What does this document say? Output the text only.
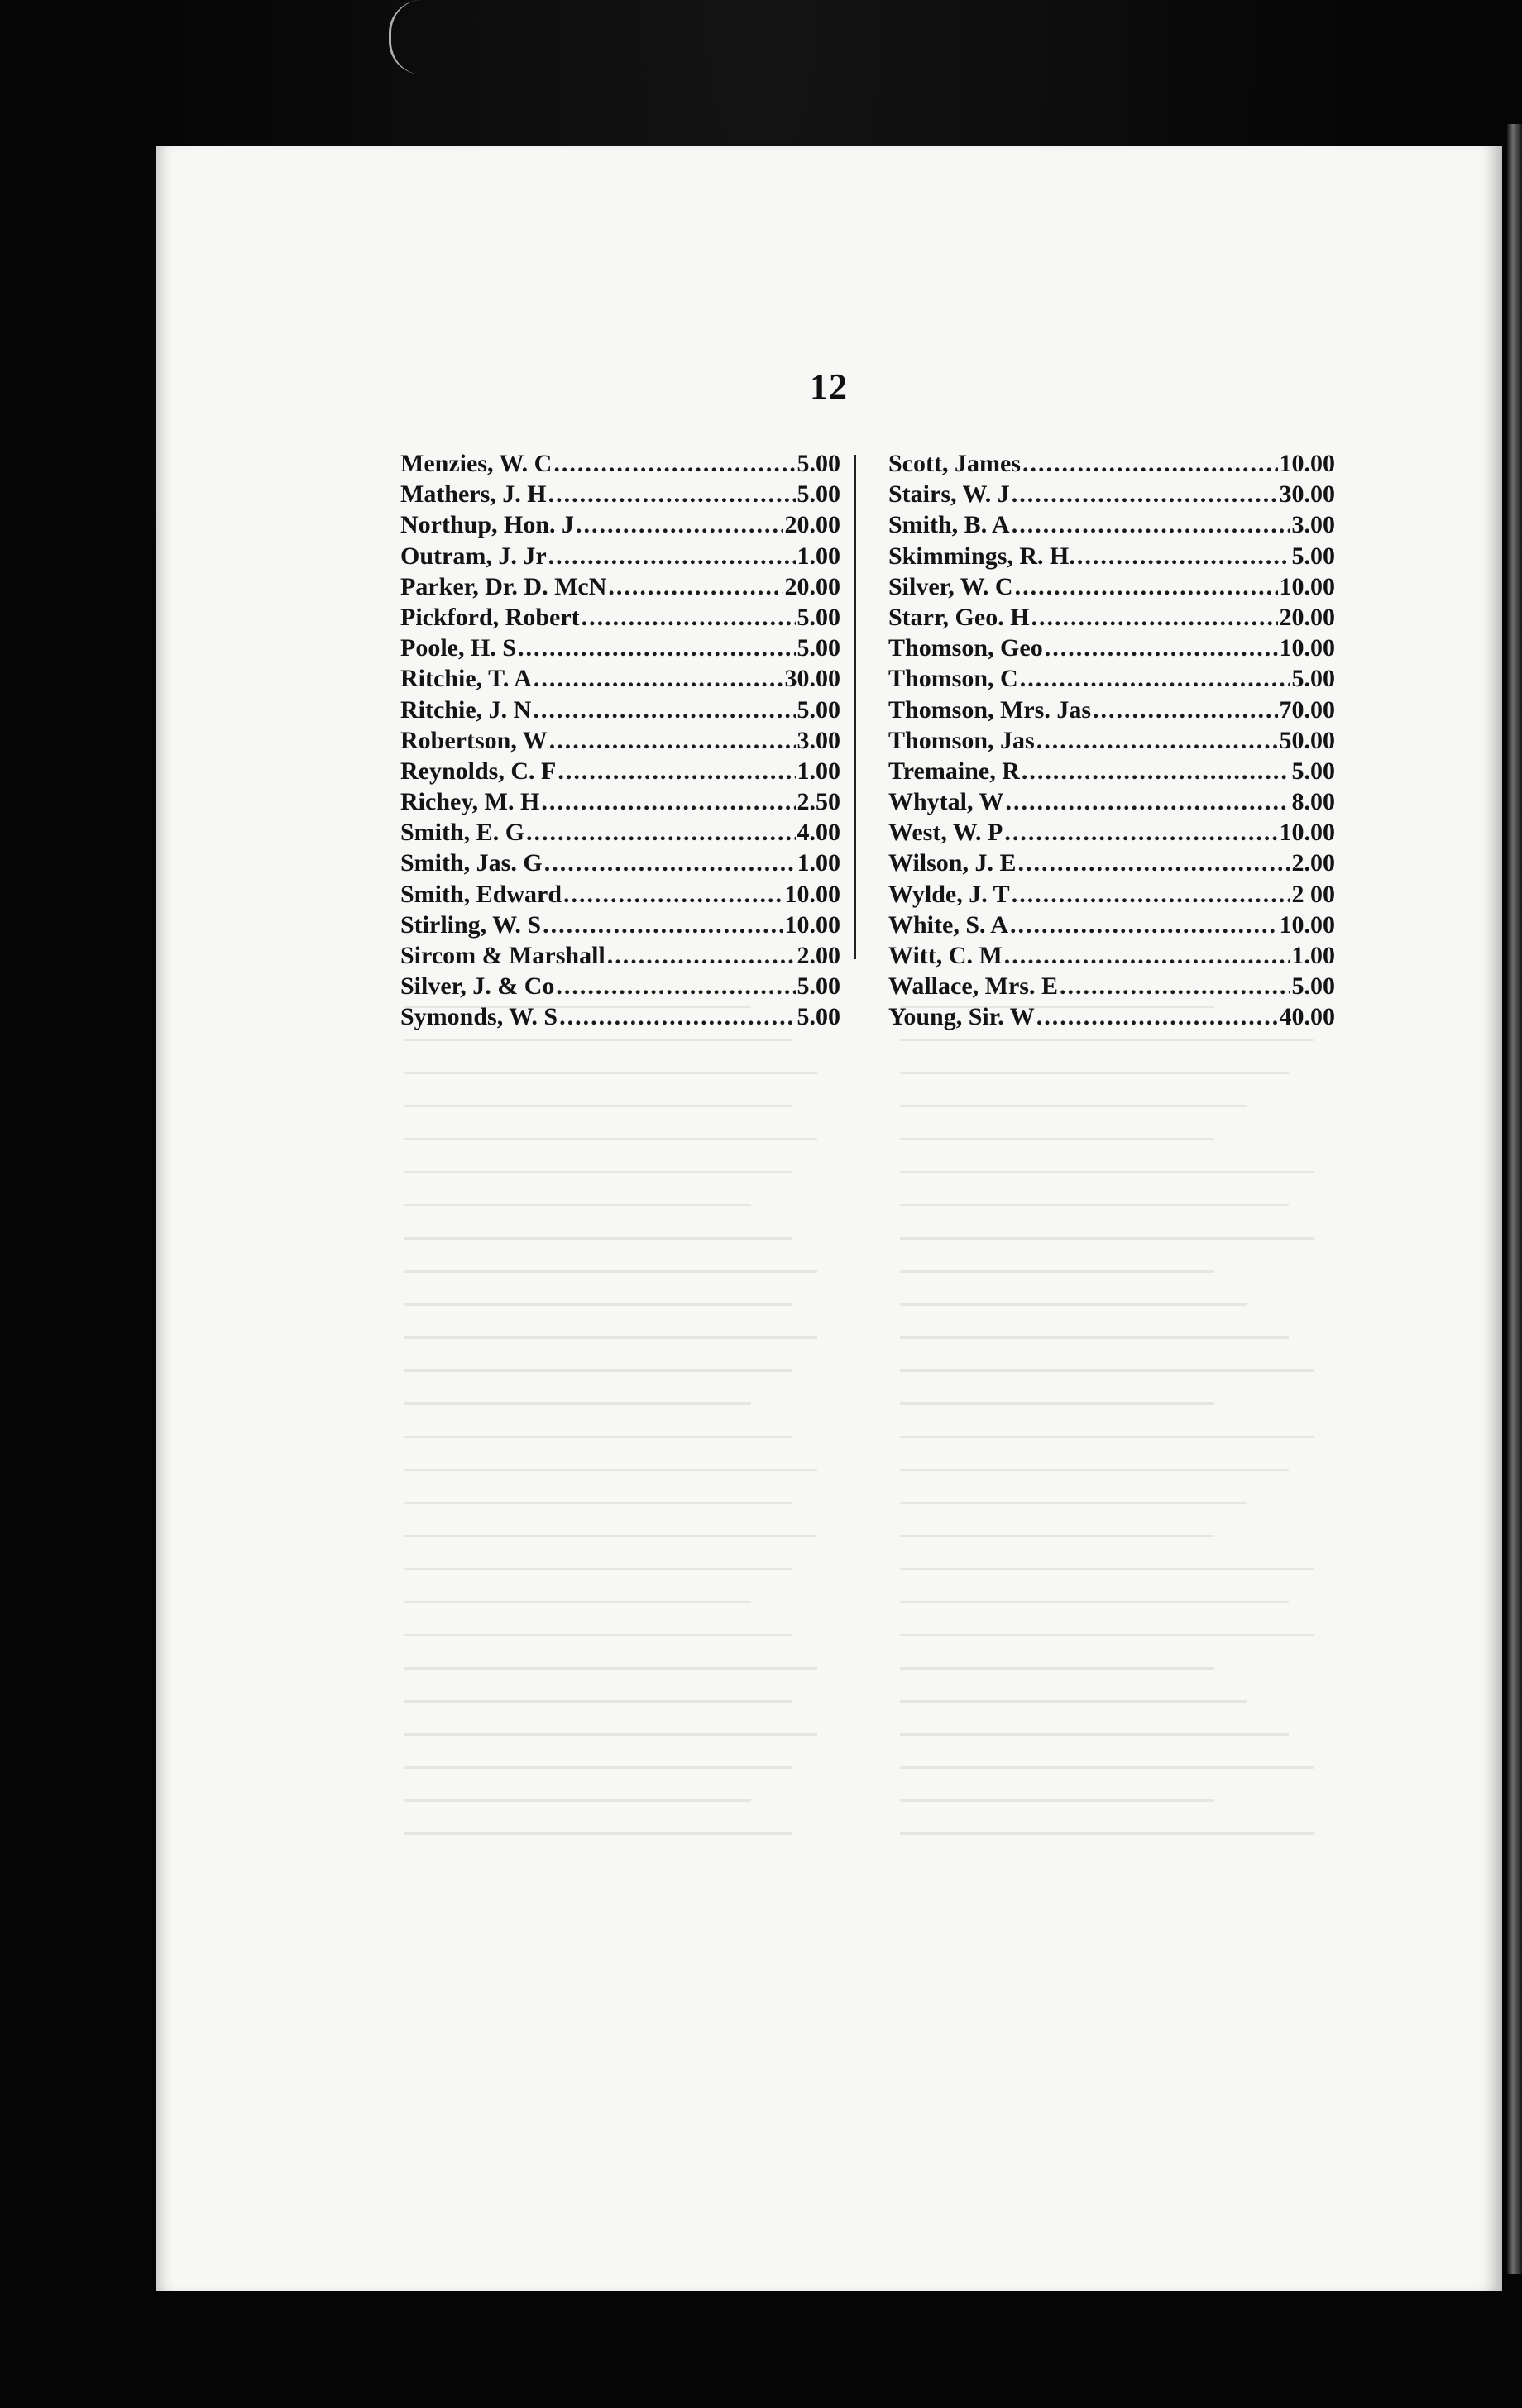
12
Menzies, W. C .....	5.00
Mathers, J. H .....	5.00
Northup, Hon. J .....	20.00
Outram, J. Jr .....	1.00
Parker, Dr. D. McN .....	20.00
Pickford, Robert .....	5.00
Poole, H. S .....	5.00
Ritchie, T. A .....	30.00
Ritchie, J. N .....	5.00
Robertson, W .....	3.00
Reynolds, C. F .....	1.00
Richey, M. H .....	2.50
Smith, E. G .....	4.00
Smith, Jas. G .....	1.00
Smith, Edward .....	10.00
Stirling, W. S .....	10.00
Sircom & Marshall .....	2.00
Silver, J. & Co .....	5.00
Symonds, W. S .....	5.00
Scott, James .....	10.00
Stairs, W. J .....	30.00
Smith, B. A .....	3.00
Skimmings, R. H. .....	5.00
Silver, W. C .....	10.00
Starr, Geo. H .....	20.00
Thomson, Geo .....	10.00
Thomson, C .....	5.00
Thomson, Mrs. Jas .....	70.00
Thomson, Jas .....	50.00
Tremaine, R .....	5.00
Whytal, W .....	8.00
West, W. P .....	10.00
Wilson, J. E .....	2.00
Wylde, J. T .....	2 00
White, S. A .....	10.00
Witt, C. M .....	1.00
Wallace, Mrs. E .....	5.00
Young, Sir. W .....	40.00
